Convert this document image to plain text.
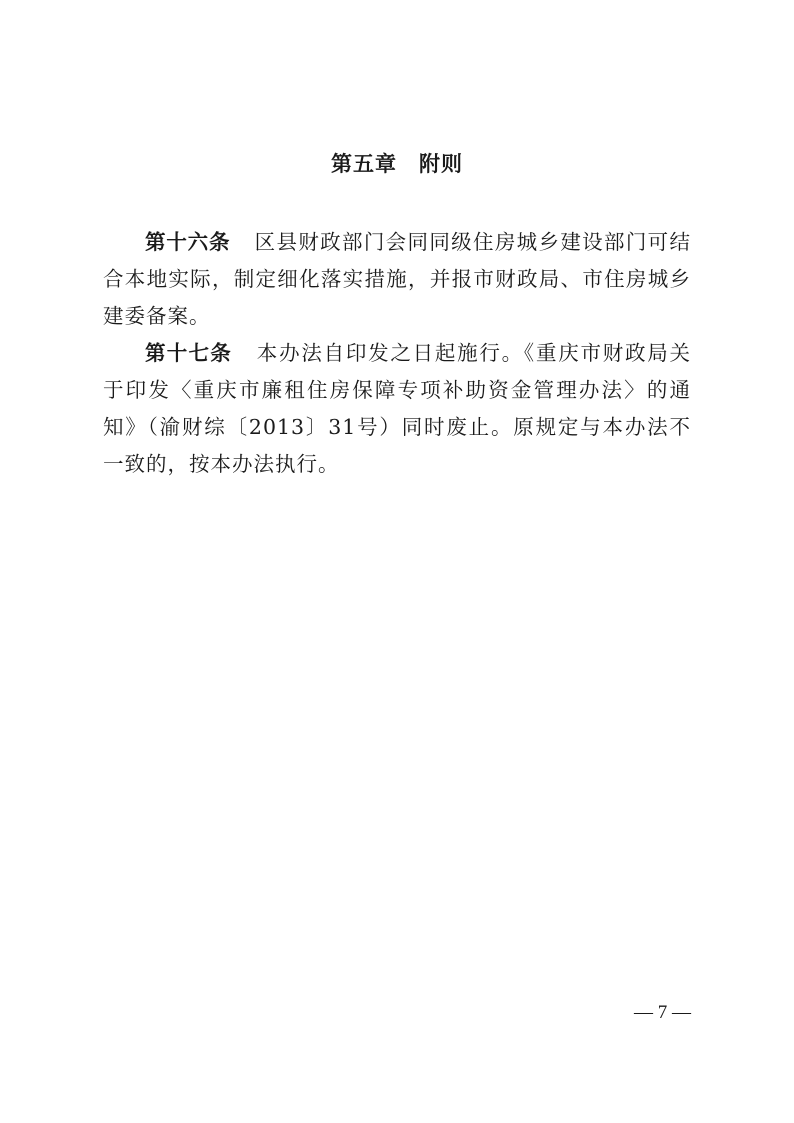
第五章 附则

第十六条 区县财政部门会同同级住房城乡建设部门可结合本地实际，制定细化落实措施，并报市财政局、市住房城乡建委备案。

第十七条 本办法自印发之日起施行。《重庆市财政局关于印发〈重庆市廉租住房保障专项补助资金管理办法〉的通知》（渝财综〔2013〕31号）同时废止。原规定与本办法不一致的，按本办法执行。

— 7 —
